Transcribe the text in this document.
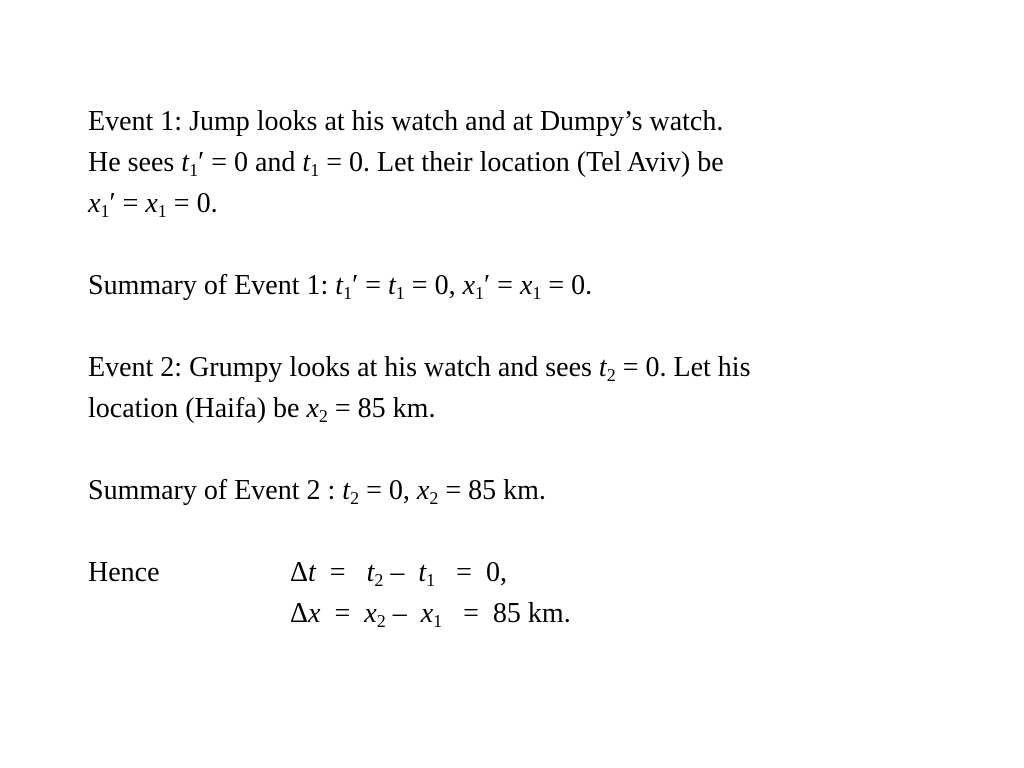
Event 1: Jump looks at his watch and at Dumpy’s watch.
He sees $t_1' = 0$ and $t_1 = 0$. Let their location (Tel Aviv) be
$x_1' = x_1 = 0$.
Summary of Event 1: $t_1' = t_1 = 0$, $x_1' = x_1 = 0$.
Event 2: Grumpy looks at his watch and sees $t_2 = 0$. Let his
location (Haifa) be $x_2 = 85$ km.
Summary of Event 2 : $t_2 = 0$, $x_2 = 85$ km.
Hence	$\Delta t = t_2 - t_1 = 0$,
$\Delta x = x_2 - x_1 = 85$ km.
